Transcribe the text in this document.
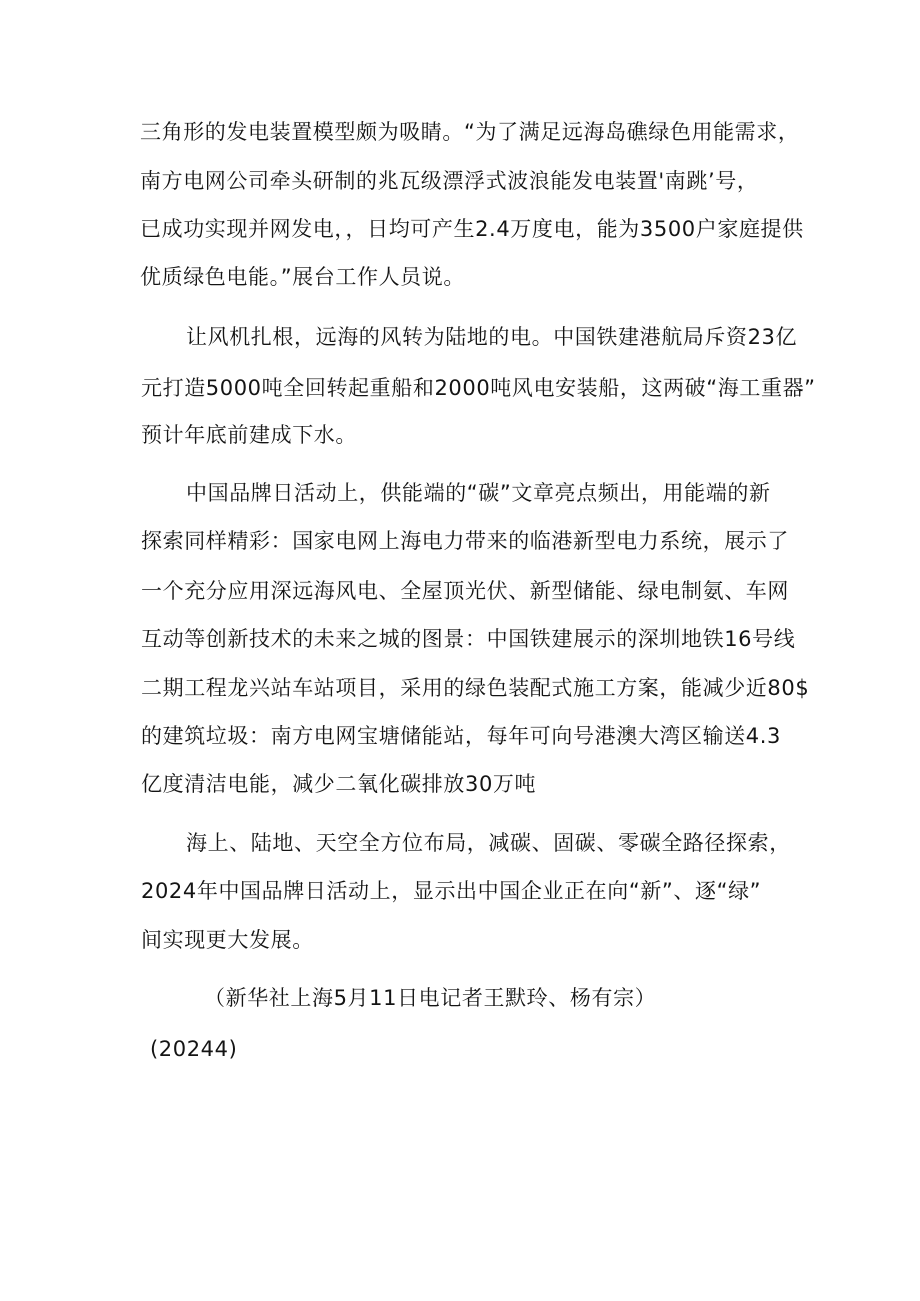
三角形的发电装置模型颇为吸睛。“为了满足远海岛礁绿色用能需求，
南方电网公司牵头研制的兆瓦级漂浮式波浪能发电装置'南跳’号，
已成功实现并网发电，，日均可产生2.4万度电，能为3500户家庭提供
优质绿色电能。”展台工作人员说。
让风机扎根，远海的风转为陆地的电。中国铁建港航局斥资23亿
元打造5000吨全回转起重船和2000吨风电安装船，这两破“海工重器”
预计年底前建成下水。
中国品牌日活动上，供能端的“碳”文章亮点频出，用能端的新
探索同样精彩：国家电网上海电力带来的临港新型电力系统，展示了
一个充分应用深远海风电、全屋顶光伏、新型储能、绿电制氨、车网
互动等创新技术的未来之城的图景：中国铁建展示的深圳地铁16号线
二期工程龙兴站车站项目，采用的绿色装配式施工方案，能减少近80$
的建筑垃圾：南方电网宝塘储能站，每年可向号港澳大湾区输送4.3
亿度清洁电能，减少二氧化碳排放30万吨
海上、陆地、天空全方位布局，减碳、固碳、零碳全路径探索，
2024年中国品牌日活动上，显示出中国企业正在向“新”、逐“绿”
间实现更大发展。
（新华社上海5月11日电记者王默玲、杨有宗）
(20244)
